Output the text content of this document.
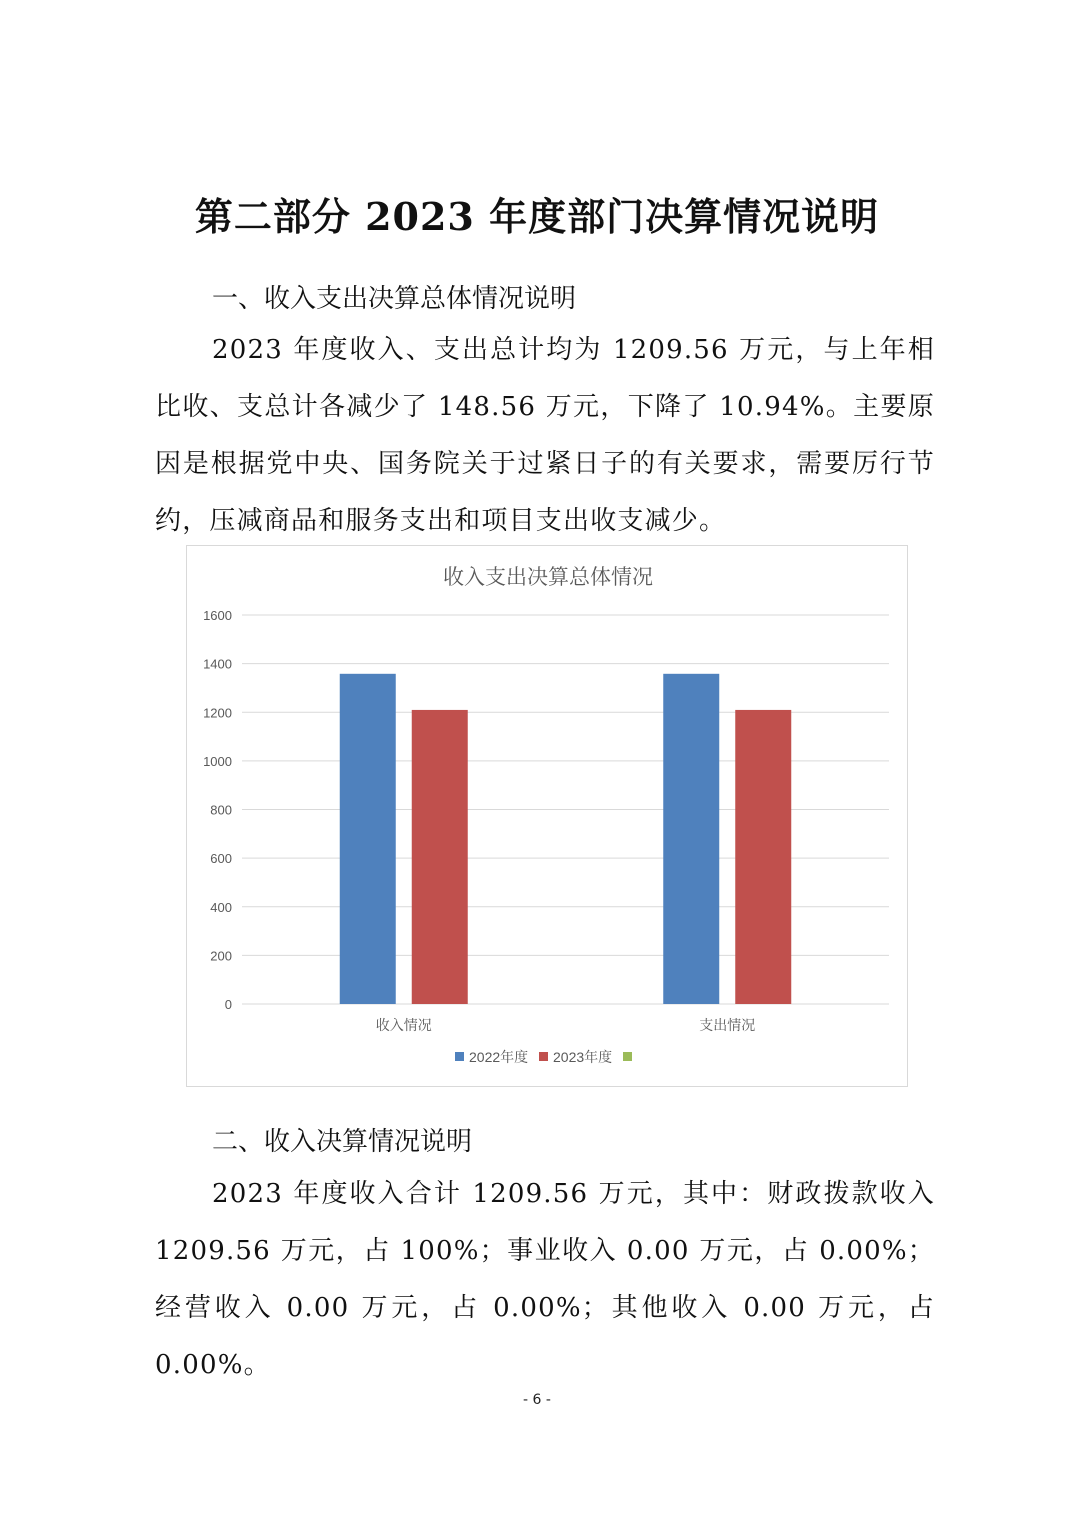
第二部分 2023 年度部门决算情况说明
一、收入支出决算总体情况说明

2023 年度收入、支出总计均为 1209.56 万元，与上年相比收、支总计各减少了 148.56 万元，下降了 10.94%。主要原因是根据党中央、国务院关于过紧日子的有关要求，需要厉行节约，压减商品和服务支出和项目支出收支减少。

收入支出决算总体情况
0
200
400
600
800
1000
1200
1400
1600
收入情况	支出情况
2022年度 2023年度
二、收入决算情况说明

2023 年度收入合计 1209.56 万元，其中：财政拨款收入 1209.56 万元，占 100%；事业收入 0.00 万元，占 0.00%；经营收入 0.00 万元，占 0.00%；其他收入 0.00 万元，占 0.00%。

- 6 -
